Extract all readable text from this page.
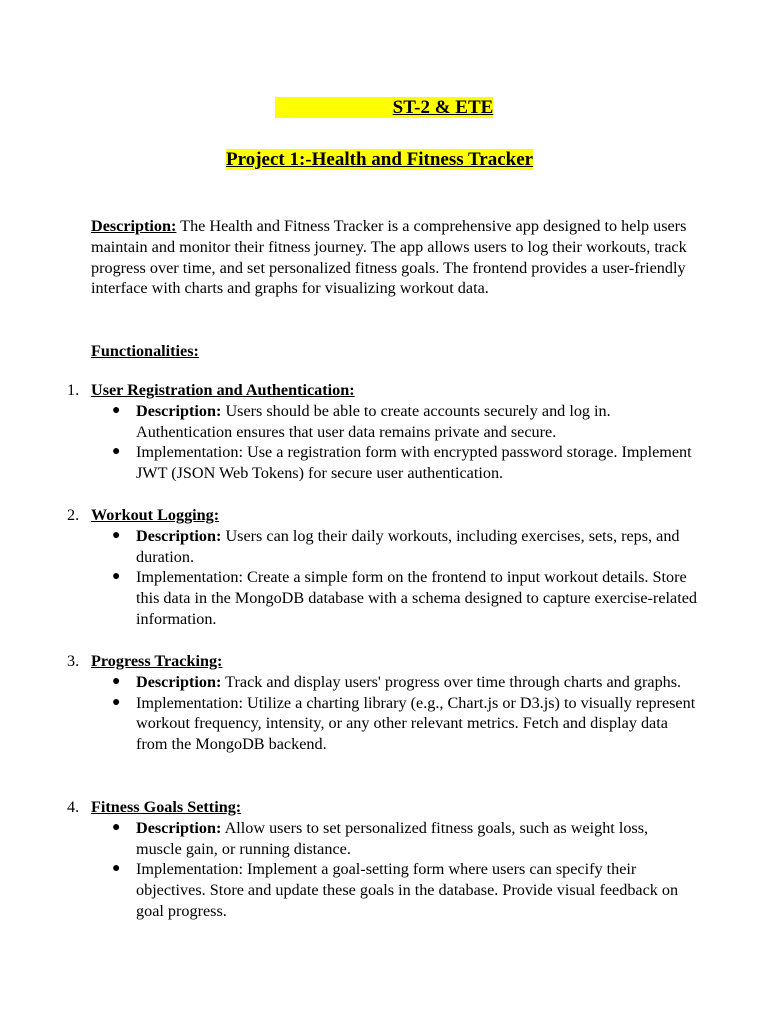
ST-2 & ETE
Project 1:-Health and Fitness Tracker

Description: The Health and Fitness Tracker is a comprehensive app designed to help users maintain and monitor their fitness journey. The app allows users to log their workouts, track progress over time, and set personalized fitness goals. The frontend provides a user-friendly interface with charts and graphs for visualizing workout data.

Functionalities:

1. User Registration and Authentication:

● Description: Users should be able to create accounts securely and log in. Authentication ensures that user data remains private and secure.
● Implementation: Use a registration form with encrypted password storage. Implement JWT (JSON Web Tokens) for secure user authentication.

2. Workout Logging:

● Description: Users can log their daily workouts, including exercises, sets, reps, and duration.
● Implementation: Create a simple form on the frontend to input workout details. Store this data in the MongoDB database with a schema designed to capture exercise-related information.

3. Progress Tracking:

● Description: Track and display users' progress over time through charts and graphs.
● Implementation: Utilize a charting library (e.g., Chart.js or D3.js) to visually represent workout frequency, intensity, or any other relevant metrics. Fetch and display data from the MongoDB backend.

4. Fitness Goals Setting:

● Description: Allow users to set personalized fitness goals, such as weight loss, muscle gain, or running distance.
● Implementation: Implement a goal-setting form where users can specify their objectives. Store and update these goals in the database. Provide visual feedback on goal progress.
